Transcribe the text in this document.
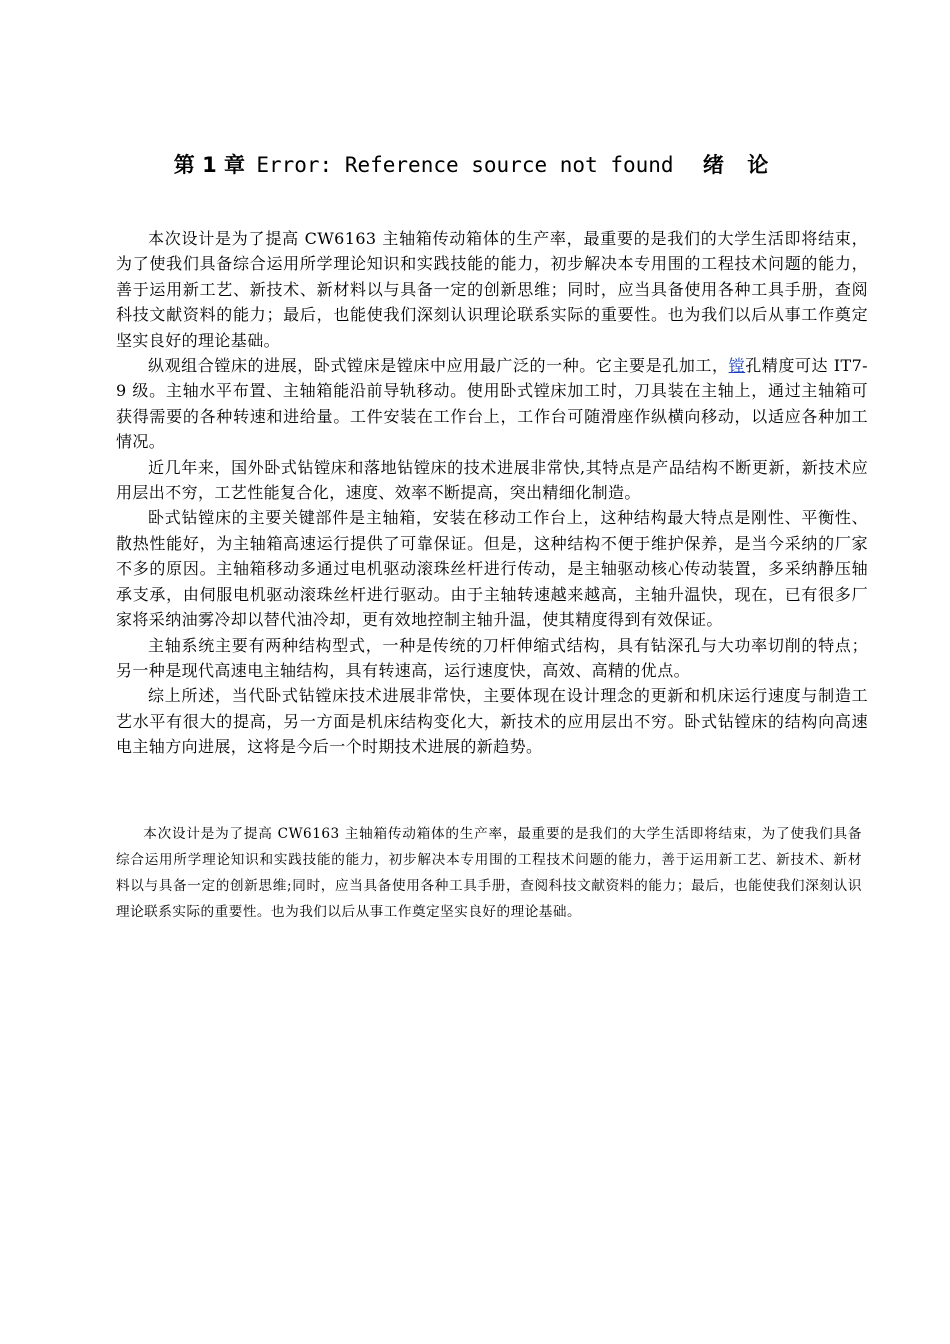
第 1 章 Error: Reference source not found 绪 论

本次设计是为了提高 CW6163 主轴箱传动箱体的生产率，最重要的是我们的大学生活即将结束，为了使我们具备综合运用所学理论知识和实践技能的能力，初步解决本专用围的工程技术问题的能力，善于运用新工艺、新技术、新材料以与具备一定的创新思维；同时，应当具备使用各种工具手册，查阅科技文献资料的能力；最后，也能使我们深刻认识理论联系实际的重要性。也为我们以后从事工作奠定坚实良好的理论基础。

纵观组合镗床的进展，卧式镗床是镗床中应用最广泛的一种。它主要是孔加工，镗孔精度可达 IT7-9 级。主轴水平布置、主轴箱能沿前导轨移动。使用卧式镗床加工时，刀具装在主轴上，通过主轴箱可获得需要的各种转速和进给量。工件安装在工作台上，工作台可随滑座作纵横向移动，以适应各种加工情况。

近几年来，国外卧式钻镗床和落地钻镗床的技术进展非常快,其特点是产品结构不断更新，新技术应用层出不穷，工艺性能复合化，速度、效率不断提高，突出精细化制造。

卧式钻镗床的主要关键部件是主轴箱，安装在移动工作台上，这种结构最大特点是刚性、平衡性、散热性能好，为主轴箱高速运行提供了可靠保证。但是，这种结构不便于维护保养，是当今采纳的厂家不多的原因。主轴箱移动多通过电机驱动滚珠丝杆进行传动，是主轴驱动核心传动装置，多采纳静压轴承支承，由伺服电机驱动滚珠丝杆进行驱动。由于主轴转速越来越高，主轴升温快，现在，已有很多厂家将采纳油雾冷却以替代油冷却，更有效地控制主轴升温，使其精度得到有效保证。

主轴系统主要有两种结构型式，一种是传统的刀杆伸缩式结构，具有钻深孔与大功率切削的特点；另一种是现代高速电主轴结构，具有转速高，运行速度快，高效、高精的优点。

综上所述，当代卧式钻镗床技术进展非常快，主要体现在设计理念的更新和机床运行速度与制造工艺水平有很大的提高，另一方面是机床结构变化大，新技术的应用层出不穷。卧式钻镗床的结构向高速电主轴方向进展，这将是今后一个时期技术进展的新趋势。

本次设计是为了提高 CW6163 主轴箱传动箱体的生产率，最重要的是我们的大学生活即将结束，为了使我们具备综合运用所学理论知识和实践技能的能力，初步解决本专用围的工程技术问题的能力，善于运用新工艺、新技术、新材料以与具备一定的创新思维;同时，应当具备使用各种工具手册，查阅科技文献资料的能力；最后，也能使我们深刻认识理论联系实际的重要性。也为我们以后从事工作奠定坚实良好的理论基础。
